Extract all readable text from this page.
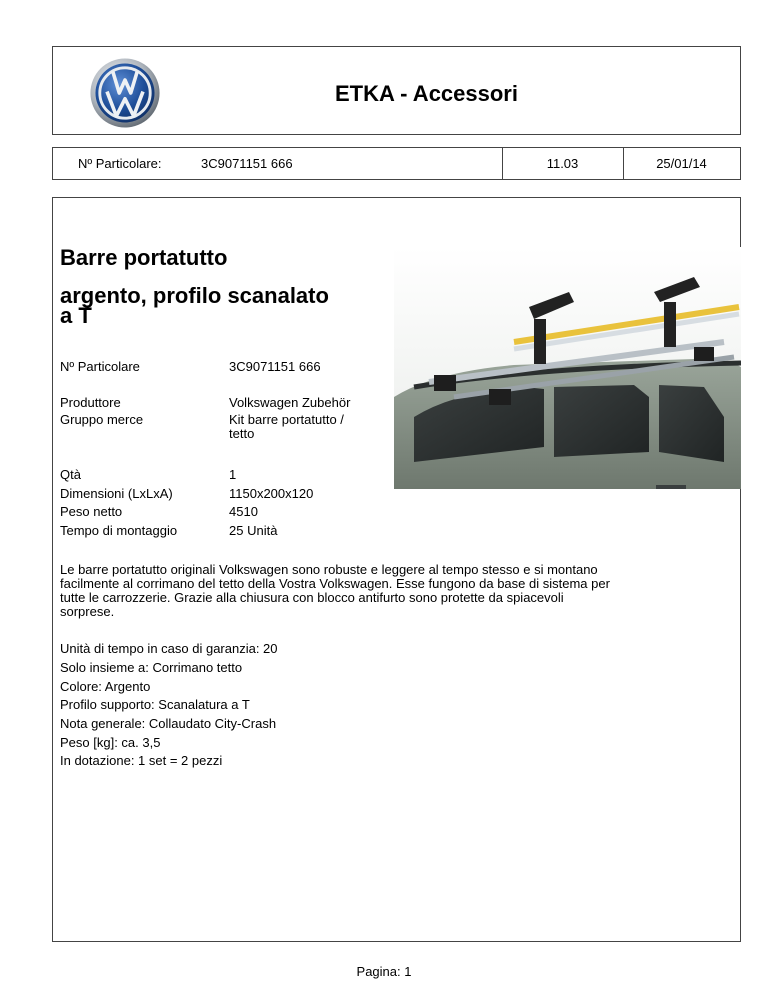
ETKA - Accessori
Nº Particolare:	3C9071151 666	11.03	25/01/14
Barre portatutto
argento, profilo scanalato
a T
Nº Particolare	3C9071151 666
Produttore	Volkswagen Zubehör
Gruppo merce	Kit barre portatutto /
tetto
Qtà	1
Dimensioni (LxLxA)	1150x200x120
Peso netto	4510
Tempo di montaggio	25 Unità
Le barre portatutto originali Volkswagen sono robuste e leggere al tempo stesso e si montano
facilmente al corrimano del tetto della Vostra Volkswagen. Esse fungono da base di sistema per
tutte le carrozzerie. Grazie alla chiusura con blocco antifurto sono protette da spiacevoli
sorprese.
Unità di tempo in caso di garanzia: 20
Solo insieme a: Corrimano tetto
Colore: Argento
Profilo supporto: Scanalatura a T
Nota generale: Collaudato City-Crash
Peso [kg]: ca. 3,5
In dotazione: 1 set = 2 pezzi
Pagina: 1
